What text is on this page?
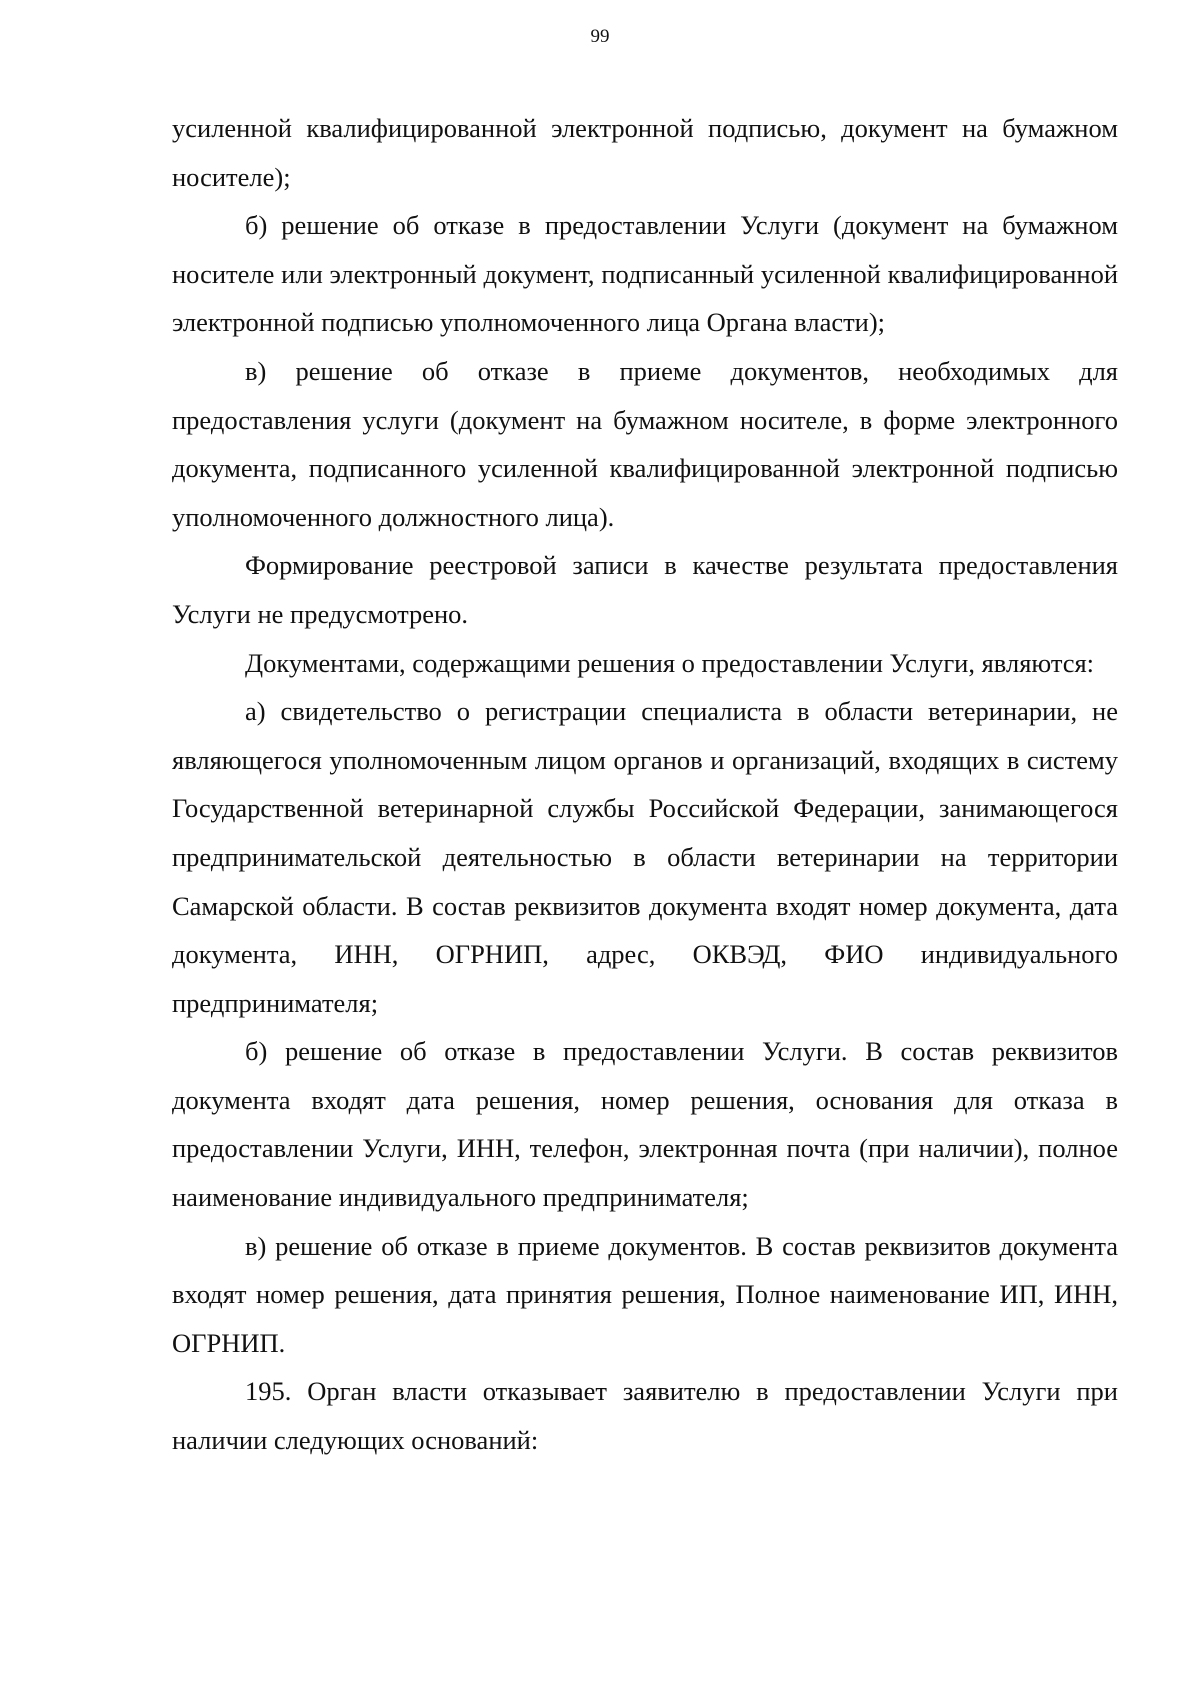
99

усиленной квалифицированной электронной подписью, документ на бумажном носителе);

б) решение об отказе в предоставлении Услуги (документ на бумажном носителе или электронный документ, подписанный усиленной квалифицированной электронной подписью уполномоченного лица Органа власти);

в) решение об отказе в приеме документов, необходимых для предоставления услуги (документ на бумажном носителе, в форме электронного документа, подписанного усиленной квалифицированной электронной подписью уполномоченного должностного лица).

Формирование реестровой записи в качестве результата предоставления Услуги не предусмотрено.

Документами, содержащими решения о предоставлении Услуги, являются:

а) свидетельство о регистрации специалиста в области ветеринарии, не являющегося уполномоченным лицом органов и организаций, входящих в систему Государственной ветеринарной службы Российской Федерации, занимающегося предпринимательской деятельностью в области ветеринарии на территории Самарской области. В состав реквизитов документа входят номер документа, дата документа, ИНН, ОГРНИП, адрес, ОКВЭД, ФИО индивидуального предпринимателя;

б) решение об отказе в предоставлении Услуги. В состав реквизитов документа входят дата решения, номер решения, основания для отказа в предоставлении Услуги, ИНН, телефон, электронная почта (при наличии), полное наименование индивидуального предпринимателя;

в) решение об отказе в приеме документов. В состав реквизитов документа входят номер решения, дата принятия решения, Полное наименование ИП, ИНН, ОГРНИП.

195. Орган власти отказывает заявителю в предоставлении Услуги при наличии следующих оснований:
